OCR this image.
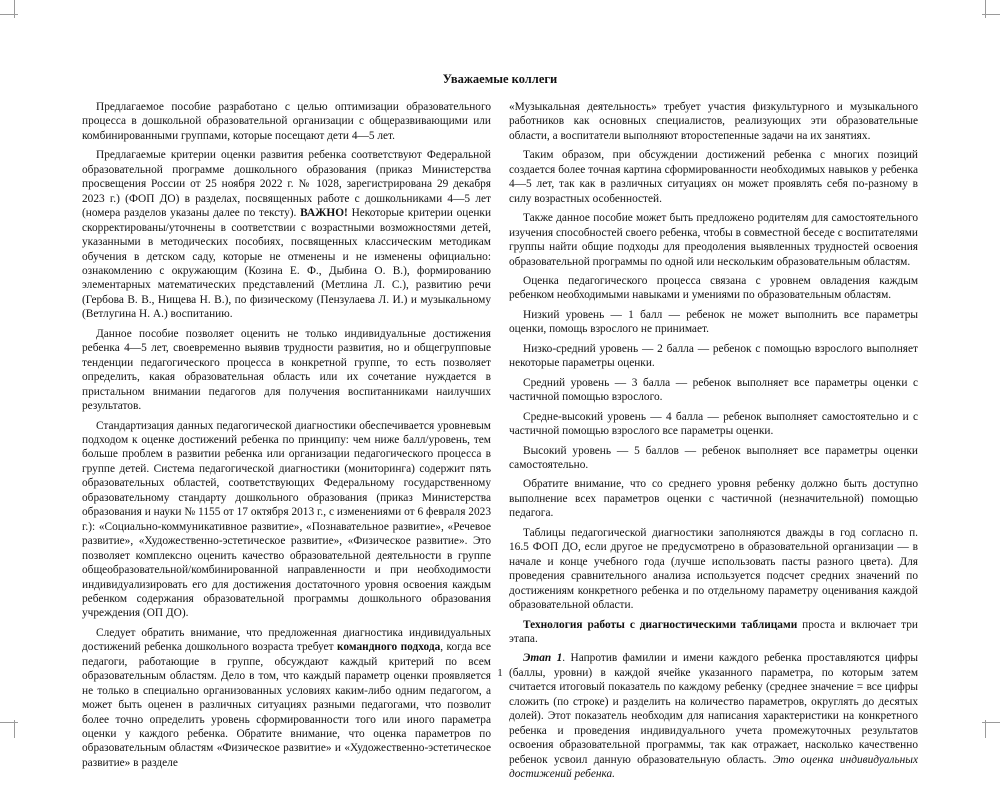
Уважаемые коллеги

Предлагаемое пособие разработано с целью оптимизации образовательного процесса в дошкольной образовательной организации с общеразвивающими или комбинированными группами, которые посещают дети 4—5 лет.

Предлагаемые критерии оценки развития ребенка соответствуют Федеральной образовательной программе дошкольного образования (приказ Министерства просвещения России от 25 ноября 2022 г. № 1028, зарегистрирована 29 декабря 2023 г.) (ФОП ДО) в разделах, посвященных работе с дошкольниками 4—5 лет (номера разделов указаны далее по тексту). ВАЖНО! Некоторые критерии оценки скорректированы/уточнены в соответствии с возрастными возможностями детей, указанными в методических пособиях, посвященных классическим методикам обучения в детском саду, которые не отменены и не изменены официально: ознакомлению с окружающим (Козина Е. Ф., Дыбина О. В.), формированию элементарных математических представлений (Метлина Л. С.), развитию речи (Гербова В. В., Нищева Н. В.), по физическому (Пензулаева Л. И.) и музыкальному (Ветлугина Н. А.) воспитанию.

Данное пособие позволяет оценить не только индивидуальные достижения ребенка 4—5 лет, своевременно выявив трудности развития, но и общегрупповые тенденции педагогического процесса в конкретной группе, то есть позволяет определить, какая образовательная область или их сочетание нуждается в пристальном внимании педагогов для получения воспитанниками наилучших результатов.

Стандартизация данных педагогической диагностики обеспечивается уровневым подходом к оценке достижений ребенка по принципу: чем ниже балл/уровень, тем больше проблем в развитии ребенка или организации педагогического процесса в группе детей. Система педагогической диагностики (мониторинга) содержит пять образовательных областей, соответствующих Федеральному государственному образовательному стандарту дошкольного образования (приказ Министерства образования и науки № 1155 от 17 октября 2013 г., с изменениями от 6 февраля 2023 г.): «Социально-коммуникативное развитие», «Познавательное развитие», «Речевое развитие», «Художественно-эстетическое развитие», «Физическое развитие». Это позволяет комплексно оценить качество образовательной деятельности в группе общеобразовательной/комбинированной направленности и при необходимости индивидуализировать его для достижения достаточного уровня освоения каждым ребенком содержания образовательной программы дошкольного образования учреждения (ОП ДО).

Следует обратить внимание, что предложенная диагностика индивидуальных достижений ребенка дошкольного возраста требует командного подхода, когда все педагоги, работающие в группе, обсуждают каждый критерий по всем образовательным областям. Дело в том, что каждый параметр оценки проявляется не только в специально организованных условиях каким-либо одним педагогом, а может быть оценен в различных ситуациях разными педагогами, что позволит более точно определить уровень сформированности того или иного параметра оценки у каждого ребенка. Обратите внимание, что оценка параметров по образовательным областям «Физическое развитие» и «Художественно-эстетическое развитие» в разделе

«Музыкальная деятельность» требует участия физкультурного и музыкального работников как основных специалистов, реализующих эти образовательные области, а воспитатели выполняют второстепенные задачи на их занятиях.

Таким образом, при обсуждении достижений ребенка с многих позиций создается более точная картина сформированности необходимых навыков у ребенка 4—5 лет, так как в различных ситуациях он может проявлять себя по-разному в силу возрастных особенностей.

Также данное пособие может быть предложено родителям для самостоятельного изучения способностей своего ребенка, чтобы в совместной беседе с воспитателями группы найти общие подходы для преодоления выявленных трудностей освоения образовательной программы по одной или нескольким образовательным областям.

Оценка педагогического процесса связана с уровнем овладения каждым ребенком необходимыми навыками и умениями по образовательным областям.

Низкий уровень — 1 балл — ребенок не может выполнить все параметры оценки, помощь взрослого не принимает.

Низко-средний уровень — 2 балла — ребенок с помощью взрослого выполняет некоторые параметры оценки.

Средний уровень — 3 балла — ребенок выполняет все параметры оценки с частичной помощью взрослого.

Средне-высокий уровень — 4 балла — ребенок выполняет самостоятельно и с частичной помощью взрослого все параметры оценки.

Высокий уровень — 5 баллов — ребенок выполняет все параметры оценки самостоятельно.

Обратите внимание, что со среднего уровня ребенку должно быть доступно выполнение всех параметров оценки с частичной (незначительной) помощью педагога.

Таблицы педагогической диагностики заполняются дважды в год согласно п. 16.5 ФОП ДО, если другое не предусмотрено в образовательной организации — в начале и конце учебного года (лучше использовать пасты разного цвета). Для проведения сравнительного анализа используется подсчет средних значений по достижениям конкретного ребенка и по отдельному параметру оценивания каждой образовательной области.

Технология работы с диагностическими таблицами проста и включает три этапа.

Этап 1. Напротив фамилии и имени каждого ребенка проставляются цифры (баллы, уровни) в каждой ячейке указанного параметра, по которым затем считается итоговый показатель по каждому ребенку (среднее значение = все цифры сложить (по строке) и разделить на количество параметров, округлять до десятых долей). Этот показатель необходим для написания характеристики на конкретного ребенка и проведения индивидуального учета промежуточных результатов освоения образовательной программы, так как отражает, насколько качественно ребенок усвоил данную образовательную область. Это оценка индивидуальных достижений ребенка.

1
